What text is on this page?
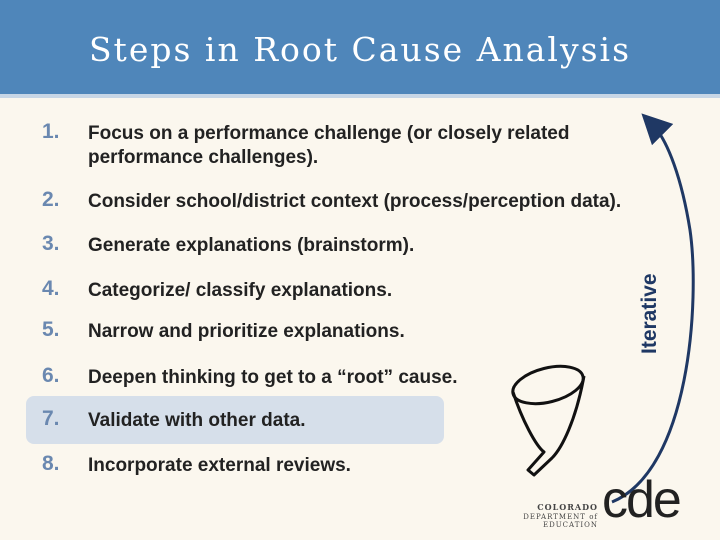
Steps in Root Cause Analysis
1.	Focus on a performance challenge (or closely related performance challenges).
2.	Consider school/district context (process/perception data).
3.	Generate explanations (brainstorm).
4.	Categorize/ classify explanations.
5.	Narrow and prioritize explanations.
6.	Deepen thinking to get to a “root” cause.
7.	Validate with other data.
8.	Incorporate external reviews.
Iterative
COLORADO
DEPARTMENT of EDUCATION cde
